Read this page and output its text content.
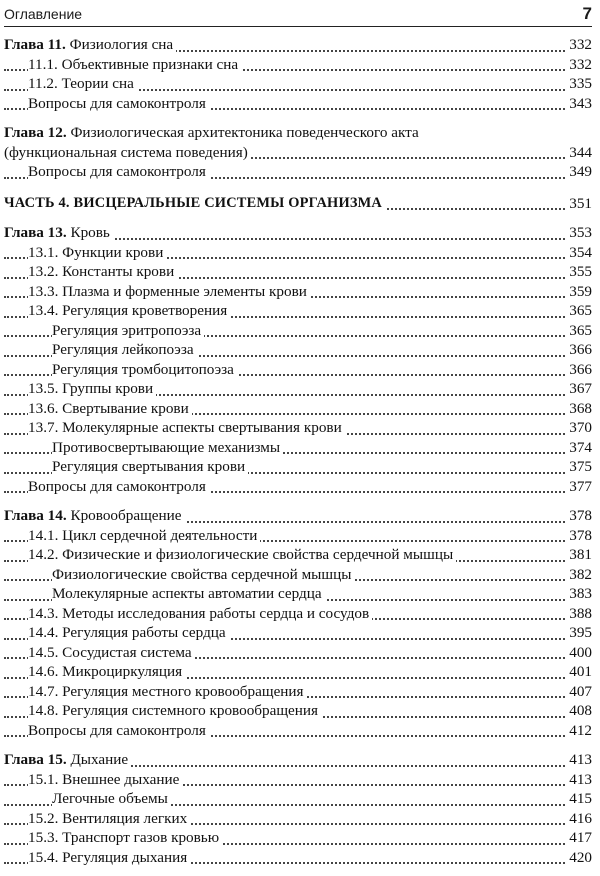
Оглавление	7
Глава 11. Физиология сна	332
11.1. Объективные признаки сна	332
11.2. Теории сна	335
Вопросы для самоконтроля	343
Глава 12. Физиологическая архитектоника поведенческого акта
(функциональная система поведения)	344
Вопросы для самоконтроля	349
ЧАСТЬ 4. ВИСЦЕРАЛЬНЫЕ СИСТЕМЫ ОРГАНИЗМА	351
Глава 13. Кровь	353
13.1. Функции крови	354
13.2. Константы крови	355
13.3. Плазма и форменные элементы крови	359
13.4. Регуляция кроветворения	365
Регуляция эритропоэза	365
Регуляция лейкопоэза	366
Регуляция тромбоцитопоэза	366
13.5. Группы крови	367
13.6. Свертывание крови	368
13.7. Молекулярные аспекты свертывания крови	370
Противосвертывающие механизмы	374
Регуляция свертывания крови	375
Вопросы для самоконтроля	377
Глава 14. Кровообращение	378
14.1. Цикл сердечной деятельности	378
14.2. Физические и физиологические свойства сердечной мышцы	381
Физиологические свойства сердечной мышцы	382
Молекулярные аспекты автоматии сердца	383
14.3. Методы исследования работы сердца и сосудов	388
14.4. Регуляция работы сердца	395
14.5. Сосудистая система	400
14.6. Микроциркуляция	401
14.7. Регуляция местного кровообращения	407
14.8. Регуляция системного кровообращения	408
Вопросы для самоконтроля	412
Глава 15. Дыхание	413
15.1. Внешнее дыхание	413
Легочные объемы	415
15.2. Вентиляция легких	416
15.3. Транспорт газов кровью	417
15.4. Регуляция дыхания	420
